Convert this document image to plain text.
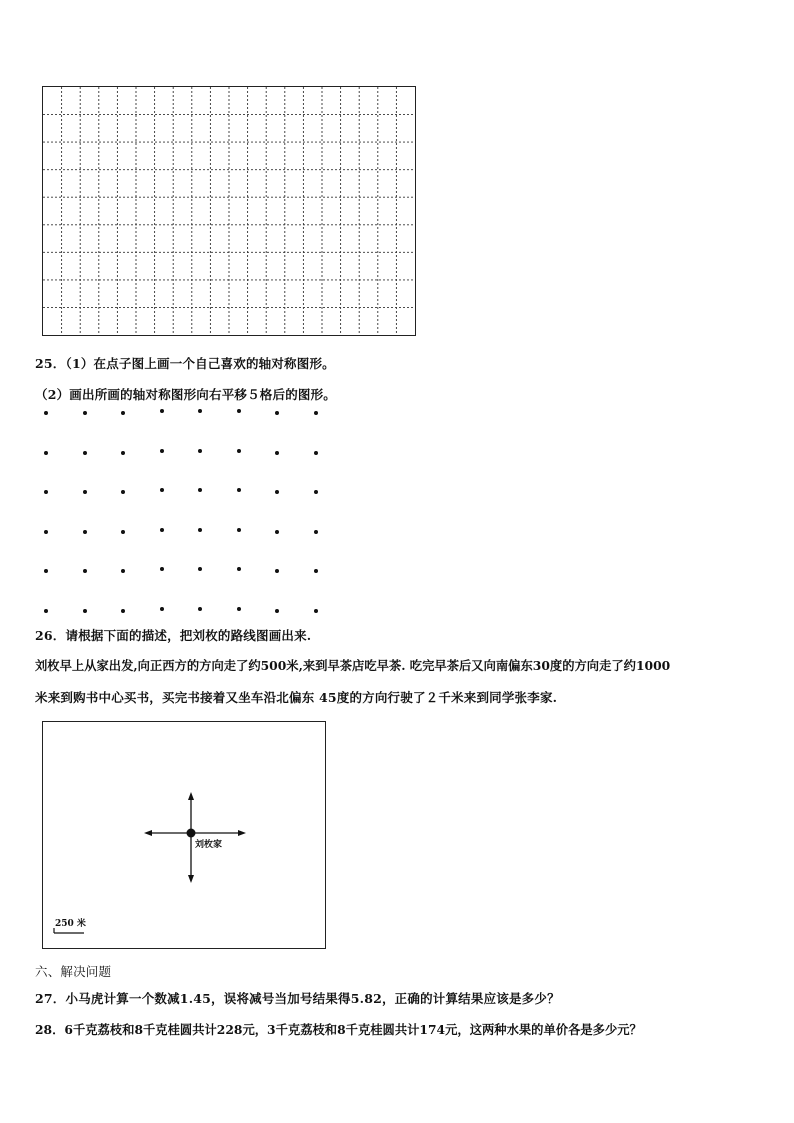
25．（1）在点子图上画一个自己喜欢的轴对称图形。
（2）画出所画的轴对称图形向右平移５格后的图形。
26．请根据下面的描述，把刘枚的路线图画出来.
刘枚早上从家出发,向正西方的方向走了约500米,来到早茶店吃早茶. 吃完早茶后又向南偏东30度的方向走了约1000
米来到购书中心买书，买完书接着又坐车沿北偏东 45度的方向行驶了２千米来到同学张李家.
刘枚家
250 米
六、解决问题
27．小马虎计算一个数减1.45，误将减号当加号结果得5.82，正确的计算结果应该是多少？
28．6千克荔枝和8千克桂圆共计228元，3千克荔枝和8千克桂圆共计174元，这两种水果的单价各是多少元？
